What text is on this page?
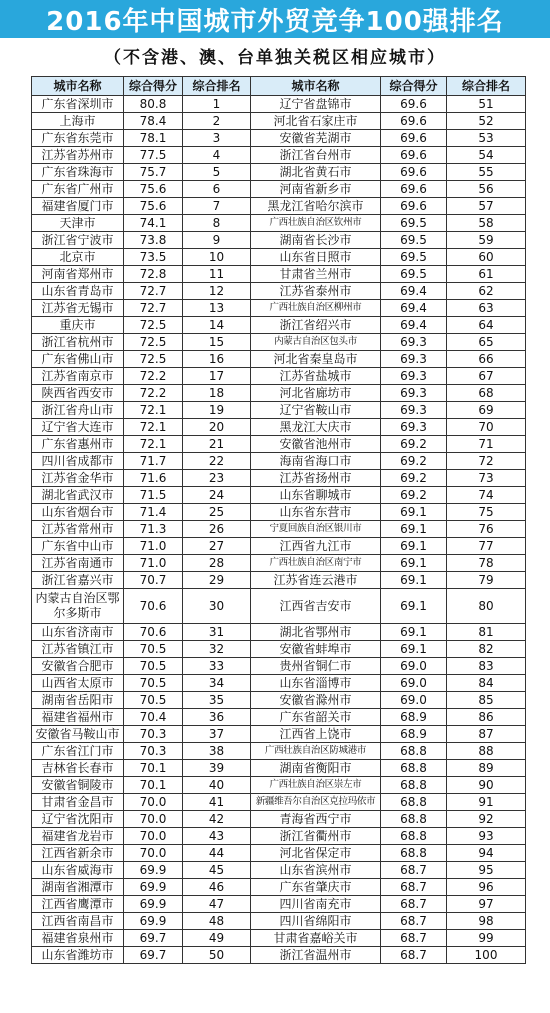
2016年中国城市外贸竞争100强排名
（不含港、澳、台单独关税区相应城市）
城市名称	综合得分	综合排名	城市名称	综合得分	综合排名
广东省深圳市	80.8	1	辽宁省盘锦市	69.6	51
上海市	78.4	2	河北省石家庄市	69.6	52
广东省东莞市	78.1	3	安徽省芜湖市	69.6	53
江苏省苏州市	77.5	4	浙江省台州市	69.6	54
广东省珠海市	75.7	5	湖北省黄石市	69.6	55
广东省广州市	75.6	6	河南省新乡市	69.6	56
福建省厦门市	75.6	7	黑龙江省哈尔滨市	69.6	57
天津市	74.1	8	广西壮族自治区钦州市	69.5	58
浙江省宁波市	73.8	9	湖南省长沙市	69.5	59
北京市	73.5	10	山东省日照市	69.5	60
河南省郑州市	72.8	11	甘肃省兰州市	69.5	61
山东省青岛市	72.7	12	江苏省泰州市	69.4	62
江苏省无锡市	72.7	13	广西壮族自治区柳州市	69.4	63
重庆市	72.5	14	浙江省绍兴市	69.4	64
浙江省杭州市	72.5	15	内蒙古自治区包头市	69.3	65
广东省佛山市	72.5	16	河北省秦皇岛市	69.3	66
江苏省南京市	72.2	17	江苏省盐城市	69.3	67
陕西省西安市	72.2	18	河北省廊坊市	69.3	68
浙江省舟山市	72.1	19	辽宁省鞍山市	69.3	69
辽宁省大连市	72.1	20	黑龙江大庆市	69.3	70
广东省惠州市	72.1	21	安徽省池州市	69.2	71
四川省成都市	71.7	22	海南省海口市	69.2	72
江苏省金华市	71.6	23	江苏省扬州市	69.2	73
湖北省武汉市	71.5	24	山东省聊城市	69.2	74
山东省烟台市	71.4	25	山东省东营市	69.1	75
江苏省常州市	71.3	26	宁夏回族自治区银川市	69.1	76
广东省中山市	71.0	27	江西省九江市	69.1	77
江苏省南通市	71.0	28	广西壮族自治区南宁市	69.1	78
浙江省嘉兴市	70.7	29	江苏省连云港市	69.1	79
内蒙古自治区鄂尔多斯市	70.6	30	江西省吉安市	69.1	80
山东省济南市	70.6	31	湖北省鄂州市	69.1	81
江苏省镇江市	70.5	32	安徽省蚌埠市	69.1	82
安徽省合肥市	70.5	33	贵州省铜仁市	69.0	83
山西省太原市	70.5	34	山东省淄博市	69.0	84
湖南省岳阳市	70.5	35	安徽省滁州市	69.0	85
福建省福州市	70.4	36	广东省韶关市	68.9	86
安徽省马鞍山市	70.3	37	江西省上饶市	68.9	87
广东省江门市	70.3	38	广西壮族自治区防城港市	68.8	88
吉林省长春市	70.1	39	湖南省衡阳市	68.8	89
安徽省铜陵市	70.1	40	广西壮族自治区崇左市	68.8	90
甘肃省金昌市	70.0	41	新疆维吾尔自治区克拉玛依市	68.8	91
辽宁省沈阳市	70.0	42	青海省西宁市	68.8	92
福建省龙岩市	70.0	43	浙江省衢州市	68.8	93
江西省新余市	70.0	44	河北省保定市	68.8	94
山东省威海市	69.9	45	山东省滨州市	68.7	95
湖南省湘潭市	69.9	46	广东省肇庆市	68.7	96
江西省鹰潭市	69.9	47	四川省南充市	68.7	97
江西省南昌市	69.9	48	四川省绵阳市	68.7	98
福建省泉州市	69.7	49	甘肃省嘉峪关市	68.7	99
山东省潍坊市	69.7	50	浙江省温州市	68.7	100
